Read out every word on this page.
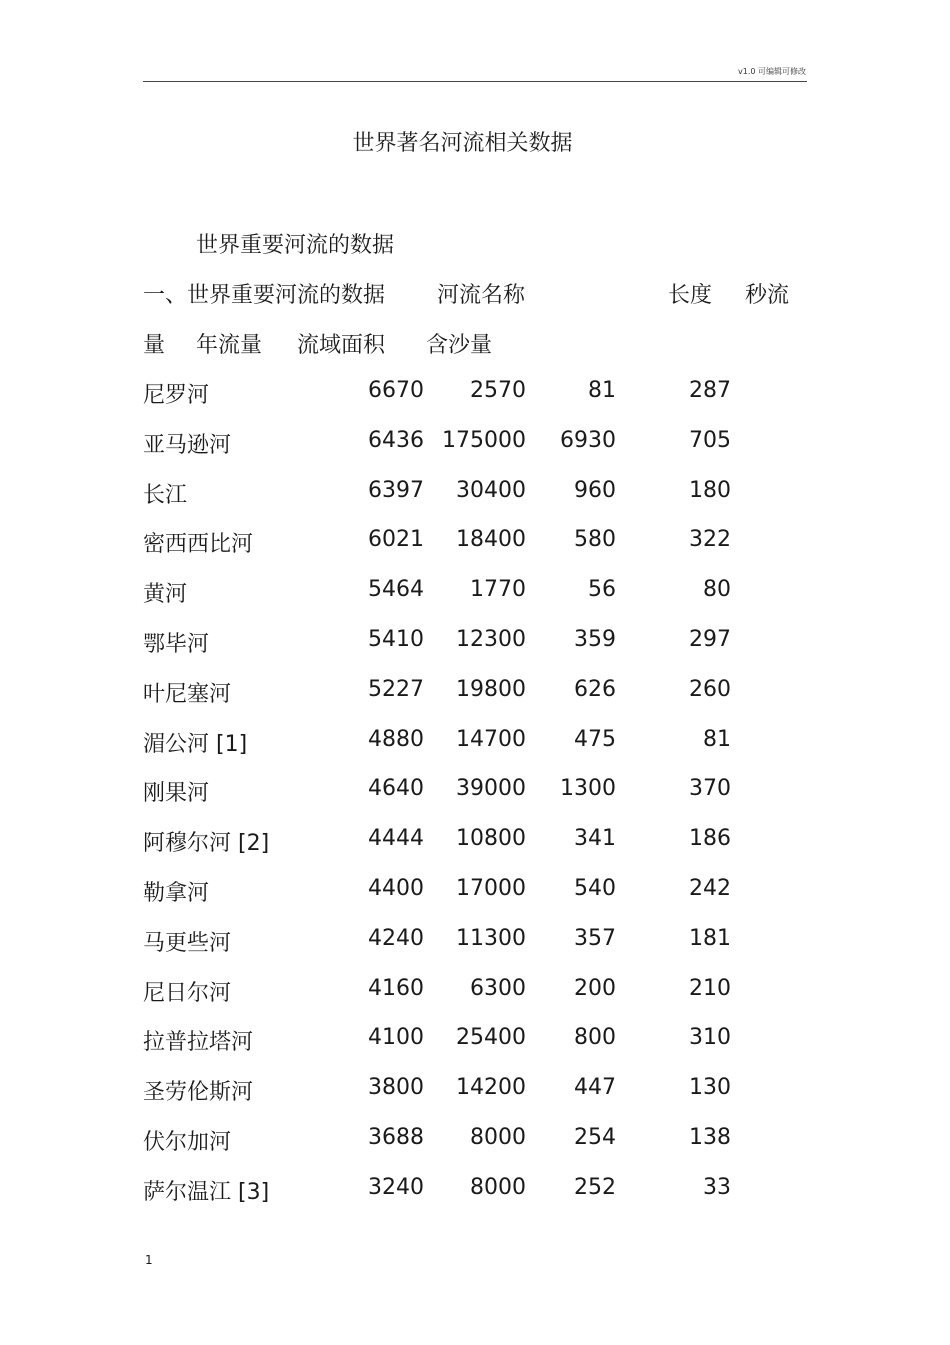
v1.0 可编辑可修改
世界著名河流相关数据
世界重要河流的数据
一、世界重要河流的数据 河流名称	长度 秒流
量 年流量 流域面积 含沙量
尼罗河	6670 2570	81	287
亚马逊河	6436 175000 6930	705
长江	6397 30400 960	180
密西西比河	6021 18400 580	322
黄河	5464 1770	56	80
鄂毕河	5410 12300 359	297
叶尼塞河	5227 19800 626	260
湄公河 [1]	4880 14700 475	81
刚果河	4640 39000 1300	370
阿穆尔河 [2]	4444 10800 341	186
勒拿河	4400 17000 540	242
马更些河	4240 11300 357	181
尼日尔河	4160 6300 200	210
拉普拉塔河	4100 25400 800	310
圣劳伦斯河	3800 14200 447	130
伏尔加河	3688 8000 254	138
萨尔温江 [3]	3240 8000 252	33
1
